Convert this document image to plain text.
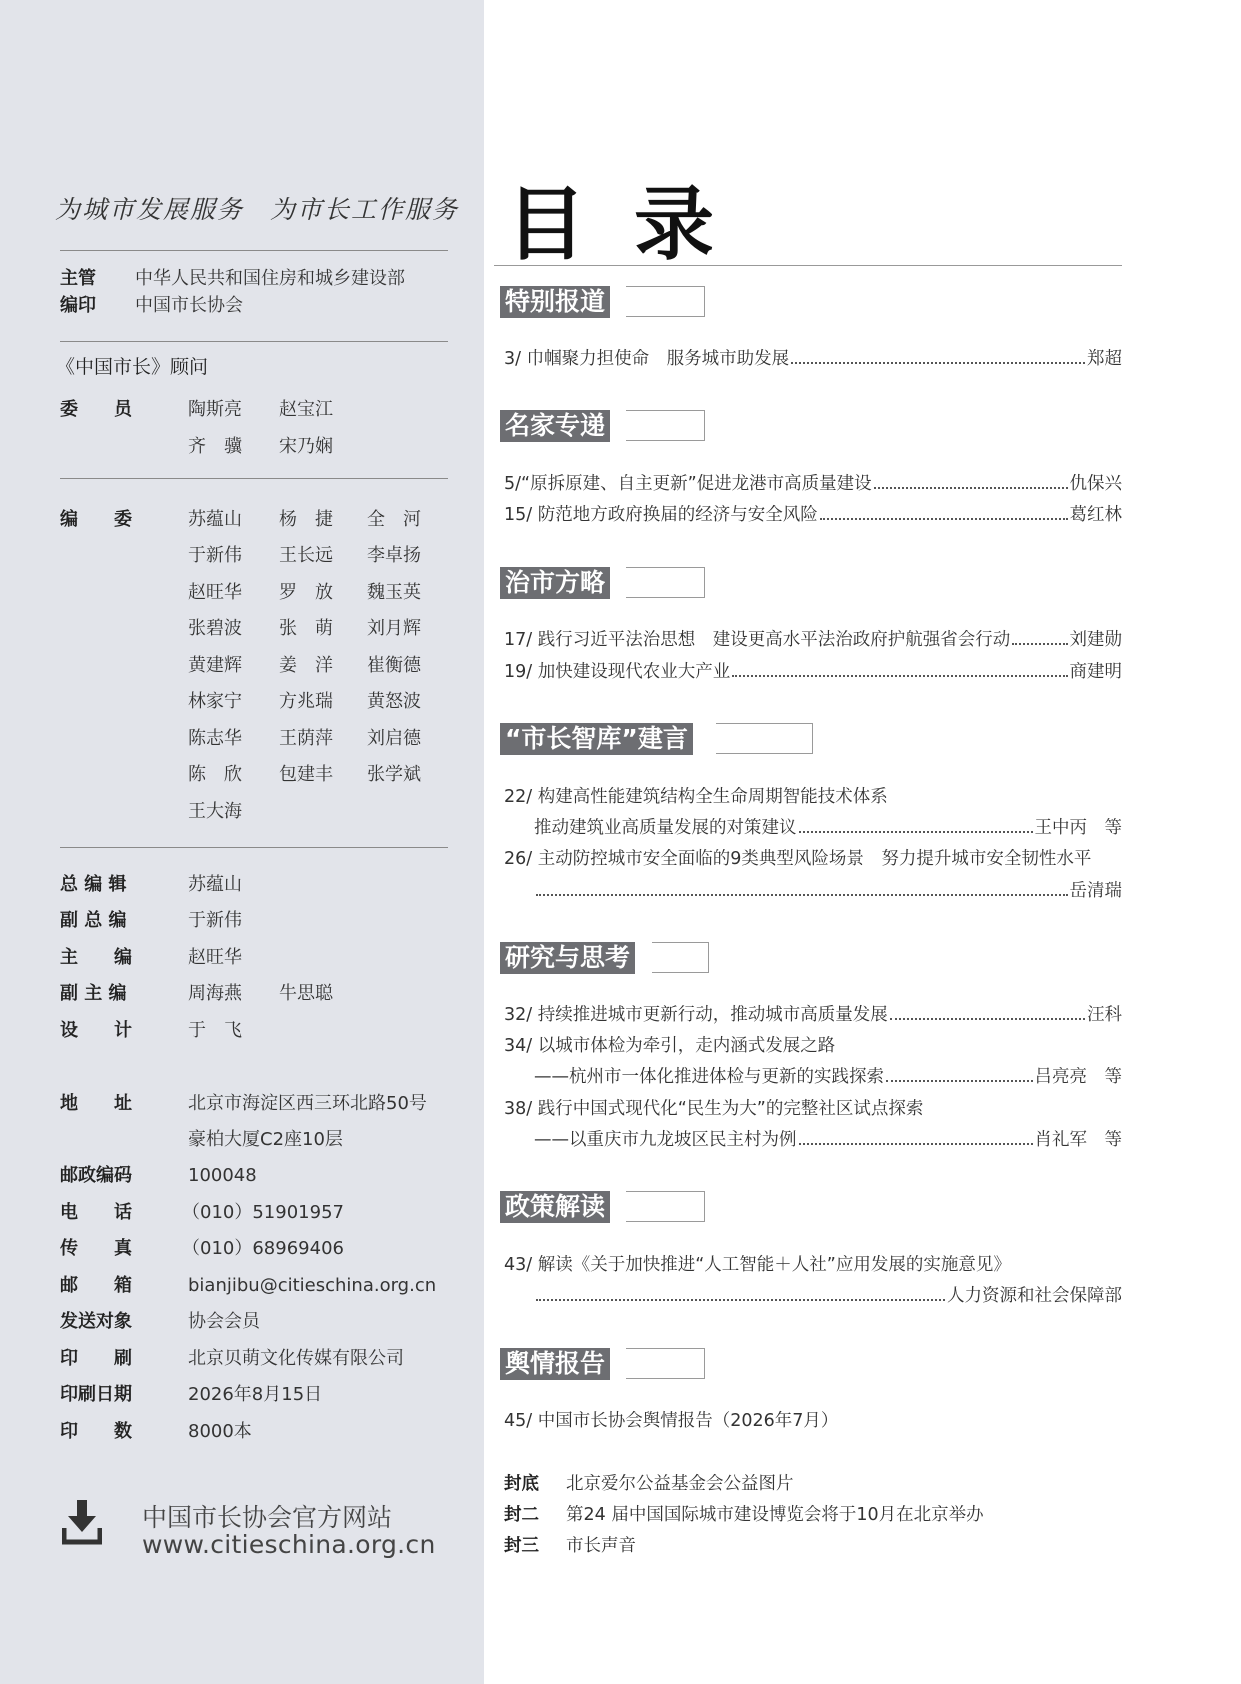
为城市发展服务 为市长工作服务
主管 中华人民共和国住房和城乡建设部
编印 中国市长协会
《中国市长》顾问
委　　员	陶斯亮 赵宝江
齐　骥 宋乃娴
编　　委	苏蕴山 杨　捷 全　河
于新伟 王长远 李卓扬
赵旺华 罗　放 魏玉英
张碧波 张　萌 刘月辉
黄建辉 姜　洋 崔衡德
林家宁 方兆瑞 黄怒波
陈志华 王荫萍 刘启德
陈　欣 包建丰 张学斌
王大海
总 编 辑	苏蕴山
副 总 编	于新伟
主　　编	赵旺华
副 主 编	周海燕 牛思聪
设　　计	于　飞
地　　址	北京市海淀区西三环北路50号
豪柏大厦C2座10层
邮政编码	100048
电　　话	（010）51901957
传　　真	（010）68969406
邮　　箱	bianjibu@citieschina.org.cn
发送对象	协会会员
印　　刷	北京贝萌文化传媒有限公司
印刷日期	2026年8月15日
印　　数	8000本
中国市长协会官方网站
www.citieschina.org.cn
目录
特别报道
3/ 巾帼聚力担使命　服务城市助发展	郑超
名家专递
5/“原拆原建、自主更新”促进龙港市高质量建设	仇保兴
15/ 防范地方政府换届的经济与安全风险	葛红林
治市方略
17/ 践行习近平法治思想　建设更高水平法治政府护航强省会行动	刘建勋
19/ 加快建设现代农业大产业	商建明
“市长智库”建言
22/ 构建高性能建筑结构全生命周期智能技术体系
推动建筑业高质量发展的对策建议	王中丙　等
26/ 主动防控城市安全面临的9类典型风险场景　努力提升城市安全韧性水平
岳清瑞
研究与思考
32/ 持续推进城市更新行动，推动城市高质量发展	汪科
34/ 以城市体检为牵引，走内涵式发展之路
——杭州市一体化推进体检与更新的实践探索	吕亮亮　等
38/ 践行中国式现代化“民生为大”的完整社区试点探索
——以重庆市九龙坡区民主村为例	肖礼军　等
政策解读
43/ 解读《关于加快推进“人工智能＋人社”应用发展的实施意见》
人力资源和社会保障部
舆情报告
45/ 中国市长协会舆情报告（2026年7月）
封底 北京爱尔公益基金会公益图片
封二 第24 届中国国际城市建设博览会将于10月在北京举办
封三 市长声音
